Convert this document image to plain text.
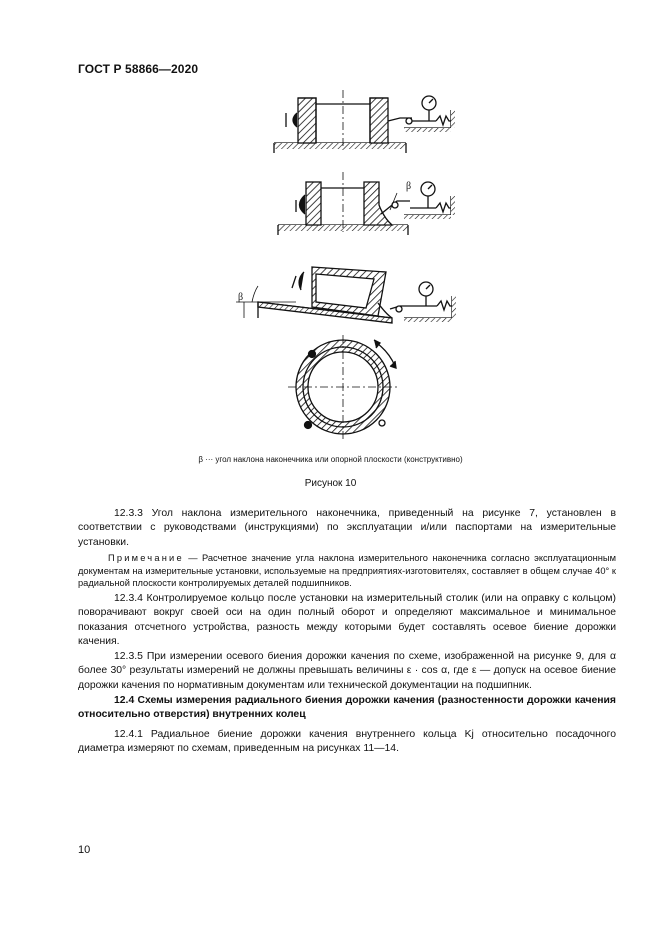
ГОСТ Р 58866—2020
β
β
β ··· угол наклона наконечника или опорной плоскости (конструктивно)
Рисунок 10
12.3.3 Угол наклона измерительного наконечника, приведенный на рисунке 7, установлен в соответствии с руководствами (инструкциями) по эксплуатации и/или паспортами на измерительные установки.
Примечание — Расчетное значение угла наклона измерительного наконечника согласно эксплуатационным документам на измерительные установки, используемые на предприятиях-изготовителях, составляет в общем случае 40° к радиальной плоскости контролируемых деталей подшипников.
12.3.4 Контролируемое кольцо после установки на измерительный столик (или на оправку с кольцом) поворачивают вокруг своей оси на один полный оборот и определяют максимальное и минимальное показания отсчетного устройства, разность между которыми будет составлять осевое биение дорожки качения.
12.3.5 При измерении осевого биения дорожки качения по схеме, изображенной на рисунке 9, для α более 30° результаты измерений не должны превышать величины ε · cos α, где ε — допуск на осевое биение дорожки качения по нормативным документам или технической документации на подшипник.
12.4 Схемы измерения радиального биения дорожки качения (разностенности дорожки качения относительно отверстия) внутренних колец
12.4.1 Радиальное биение дорожки качения внутреннего кольца Kj относительно посадочного диаметра измеряют по схемам, приведенным на рисунках 11—14.
10
